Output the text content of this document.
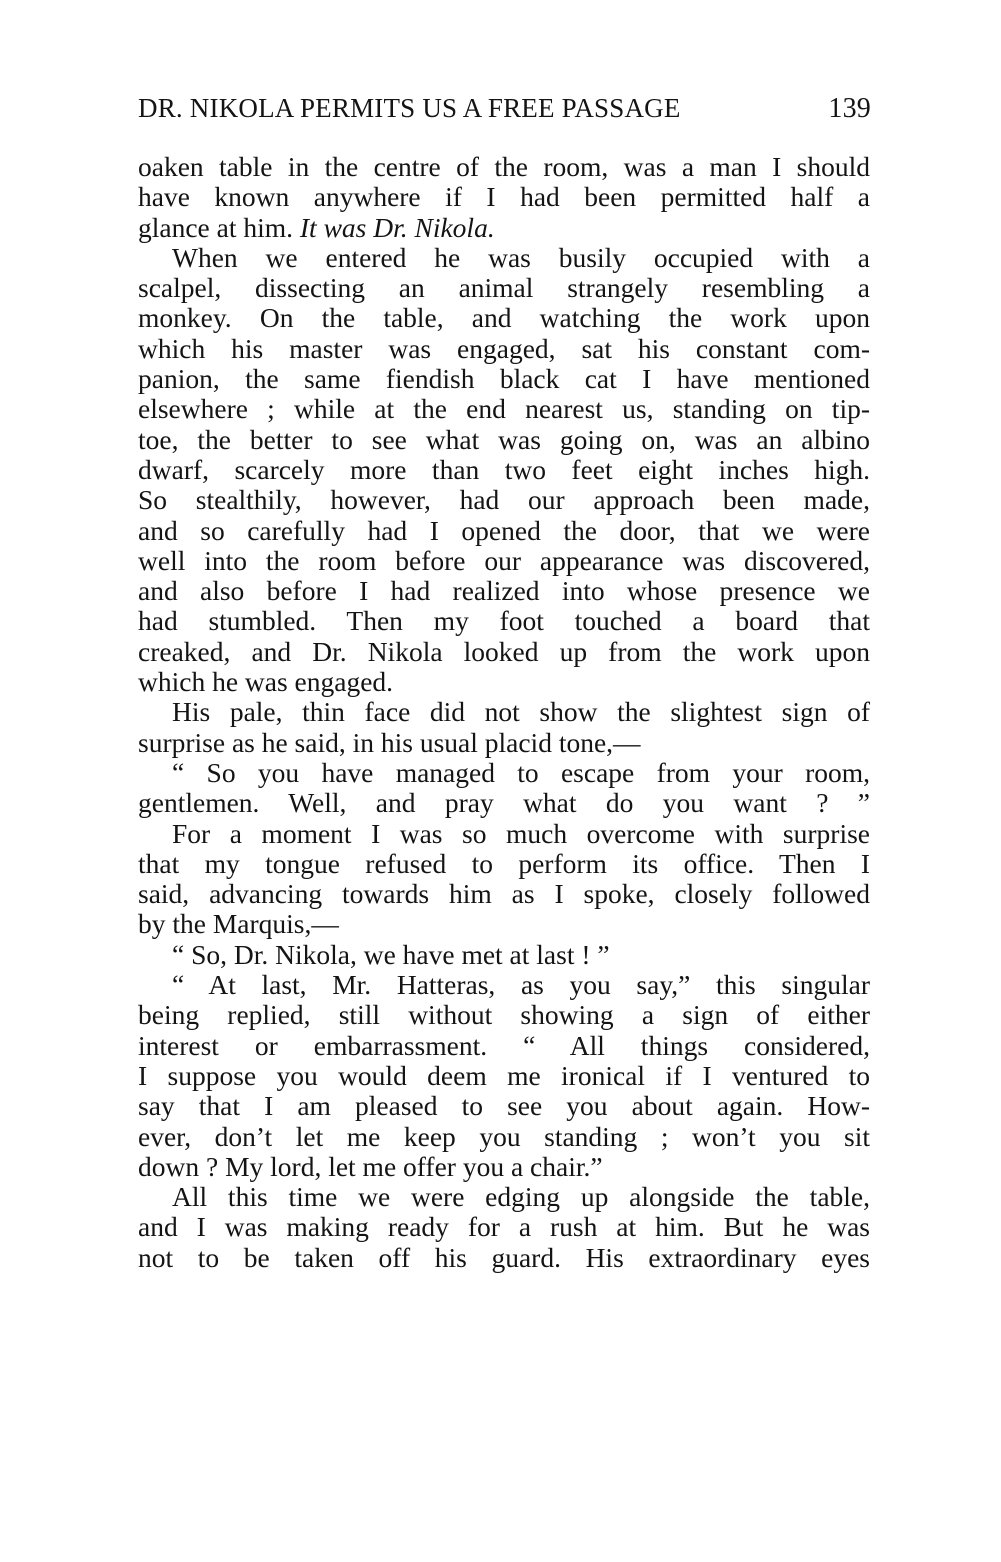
DR. NIKOLA PERMITS US A FREE PASSAGE	139
oaken table in the centre of the room, was a man I should
have known anywhere if I had been permitted half a
glance at him. It was Dr. Nikola.
When we entered he was busily occupied with a
scalpel, dissecting an animal strangely resembling a
monkey. On the table, and watching the work upon
which his master was engaged, sat his constant com-
panion, the same fiendish black cat I have mentioned
elsewhere ; while at the end nearest us, standing on tip-
toe, the better to see what was going on, was an albino
dwarf, scarcely more than two feet eight inches high.
So stealthily, however, had our approach been made,
and so carefully had I opened the door, that we were
well into the room before our appearance was discovered,
and also before I had realized into whose presence we
had stumbled. Then my foot touched a board that
creaked, and Dr. Nikola looked up from the work upon
which he was engaged.
His pale, thin face did not show the slightest sign of
surprise as he said, in his usual placid tone,—
“ So you have managed to escape from your room,
gentlemen. Well, and pray what do you want ? ”
For a moment I was so much overcome with surprise
that my tongue refused to perform its office. Then I
said, advancing towards him as I spoke, closely followed
by the Marquis,—
“ So, Dr. Nikola, we have met at last ! ”
“ At last, Mr. Hatteras, as you say,” this singular
being replied, still without showing a sign of either
interest or embarrassment. “ All things considered,
I suppose you would deem me ironical if I ventured to
say that I am pleased to see you about again. How-
ever, don’t let me keep you standing ; won’t you sit
down ? My lord, let me offer you a chair.”
All this time we were edging up alongside the table,
and I was making ready for a rush at him. But he was
not to be taken off his guard. His extraordinary eyes
